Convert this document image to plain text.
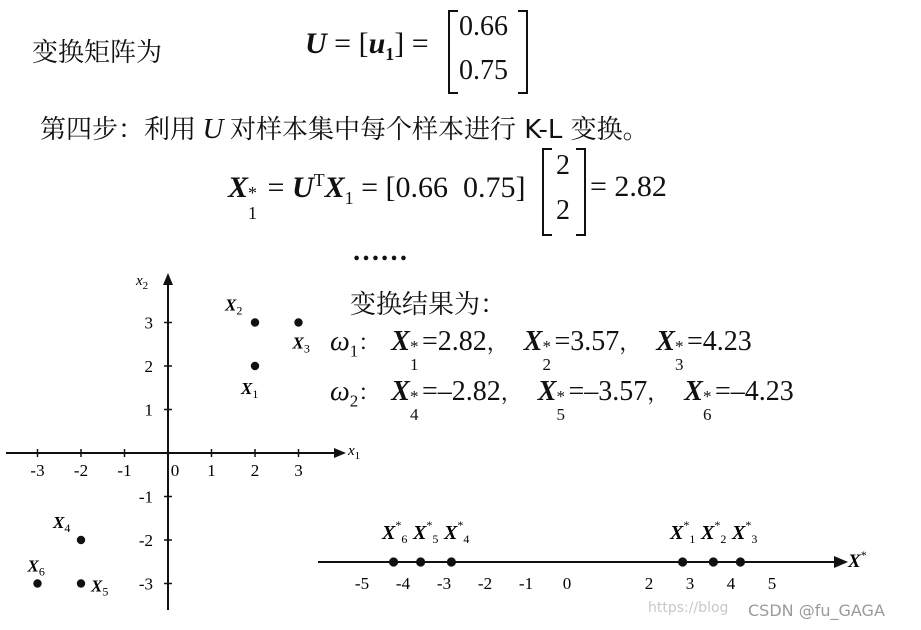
变换矩阵为	$U = [u_1]$ =
0.66
0.75
第四步：利用 U 对样本集中每个样本进行 K-L 变换。
X *
1
= $U^TX_1 = [0.66$  0.75]
2
2
= 2.82
……
变换结果为：
$\omega_1$： X *
1
=2.82， X *
2
=3.57， X *
3
=4.23
$\omega_2$： X *
4
=–2.82， X *
5
=–3.57， X *
6
=–4.23
$x_1$
$x_2$
-3 -2 -1 0 1 2 3
3
2
1
-1
-2
-3
$X_1$
$X_2$
$X_3$
$X_4$
$X_5$
$X_6$	X*
-5 -4 -3 -2 -1 0	2 3 4 5
$X^*_6$ $X^*_5$ $X^*_4$	$X^*_1$ $X^*_2$ $X^*_3$
https://blog CSDN @fu_GAGA
